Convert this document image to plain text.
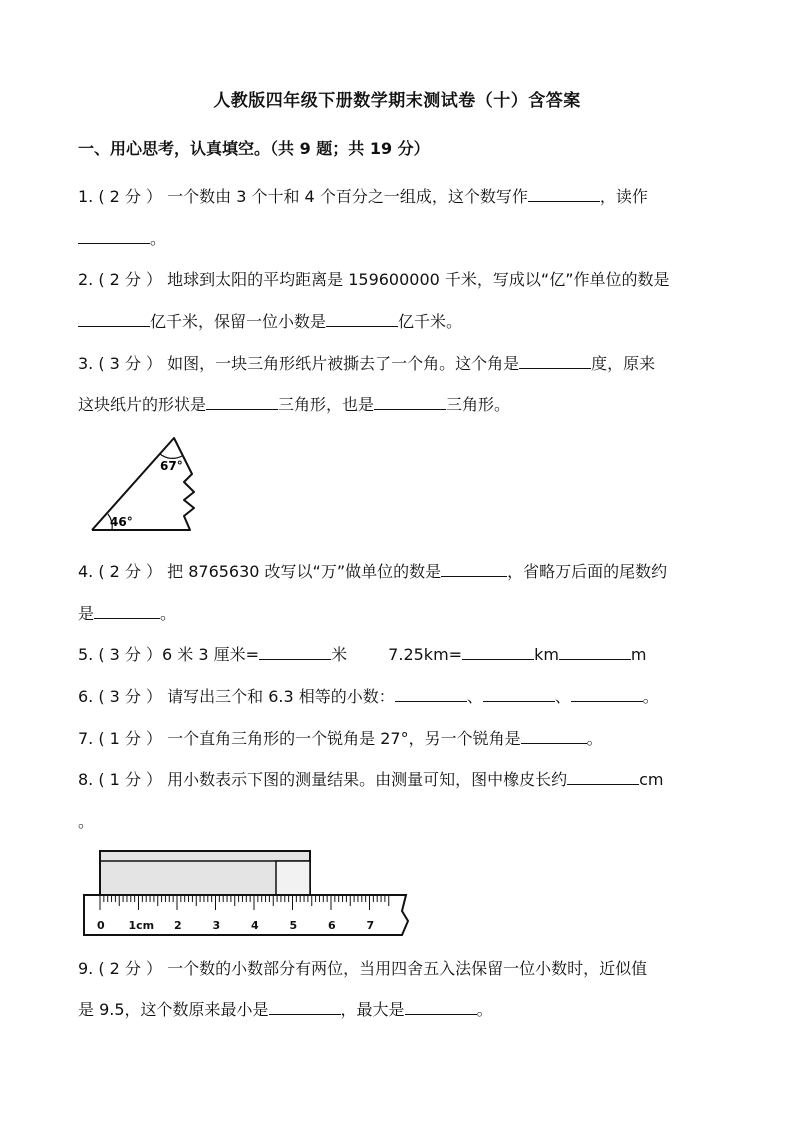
人教版四年级下册数学期末测试卷（十）含答案
一、用心思考，认真填空。（共 9 题；共 19 分）
1. ( 2 分 ） 一个数由 3 个十和 4 个百分之一组成，这个数写作	，读作
。
2. ( 2 分 ） 地球到太阳的平均距离是 159600000 千米，写成以“亿”作单位的数是
亿千米，保留一位小数是	亿千米。
3. ( 3 分 ） 如图，一块三角形纸片被撕去了一个角。这个角是	度，原来
这块纸片的形状是	三角形，也是	三角形。
67°
46°
4. ( 2 分 ） 把 8765630 改写以“万”做单位的数是	，省略万后面的尾数约
是	。
5. ( 3 分 ）6 米 3 厘米=	米	7.25km=	km	m
6. ( 3 分 ） 请写出三个和 6.3 相等的小数：	、	、	。
7. ( 1 分 ） 一个直角三角形的一个锐角是 27°，另一个锐角是	。
8. ( 1 分 ） 用小数表示下图的测量结果。由测量可知，图中橡皮长约	cm
。
0 1cm 2	3	4	5	6	7
9. ( 2 分 ） 一个数的小数部分有两位，当用四舍五入法保留一位小数时，近似值
是 9.5，这个数原来最小是	，最大是	。
